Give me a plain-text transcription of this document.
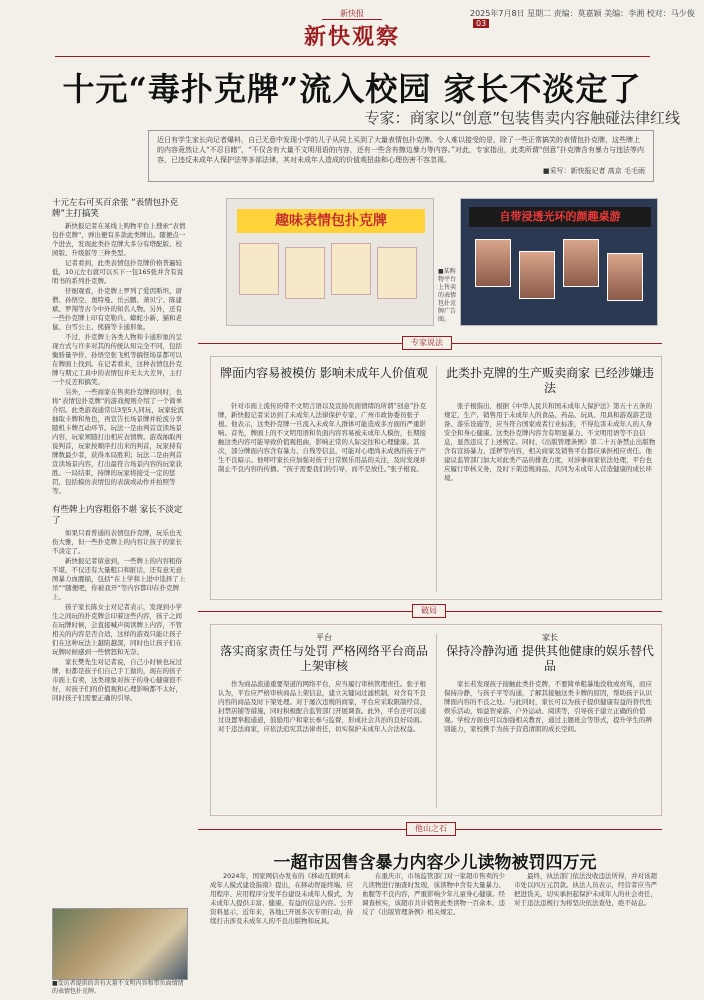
新快报
新快观察
2025年7月8日 星期二 责编：莫嘉颖 美编：李湘 校对：马少俊03
十元“毒扑克牌”流入校园 家长不淡定了
专家：商家以“创意”包装售卖内容触碰法律红线
近日有学生家长向记者爆料，自己无意中发现小学的儿子从同上买到了大量表情包扑克牌。令人难以接受的是，除了一些正常搞笑的表情包扑克牌，这些牌上的内容竟然让人“不忍目睹”，“不仅含有大量不文明用语的内容，还有一些含有擦边暴力等内容。”对此，专家指出，此类所谓“创意”扑克牌含有暴力与违法等内容，已违反未成年人保护法等多部法律，其对未成年人造成的价值观扭曲和心理伤害不容忽视。
■采写：新快报记者 高京 毛毛雨
十元左右可买百余张 “表情包扑克牌”主打搞笑

新快报记者在某线上购物平台上搜索“表情包扑克牌”，弹出便有多款此类牌出。随便点一个进去，发现此类扑克牌大多分有塔配版、校园版、升级版等三种类型。

记者看到，此类表情包扑克牌价格普遍较低，10元左右就可以买下一包165张并含有说明书的系列扑克牌。

仔细观看，扑克牌上罗列了爱因斯坦、唐僧、孙悟空、奥特曼、岳云鹏、萧贝宁、陈建斌、罗翔等古今中外的知名人物。另外，还有一些扑克牌上印有克勒兵、蟒蛇小新、猫和老鼠、白雪公主、熊猫等卡通形象。

不过，扑克牌上各类人物和卡通形象的呈现方式与许多对其的传统认知完全不同，包括衡骄量孕价、孙悟空张飞机等搞怪场景都可以在牌面上找到。在记者看来，这种表情包扑克牌与期元工具中的表情包并无太大差异，主打一个反差和搞笑。

另外，一些商家在售卖扑克牌的同时，也将“表情包扑克牌”的游戏规则介绍了一个简单介绍。此类游戏通常以3至5人同玩，玩家轮流抽取卡牌和角色，再宣告长场景牌并轮流分享随机卡牌互动环节。玩法一是由判首宣读场景内容，玩家须随打出相应表情牌。游戏抽取再说判首，玩家按顺序打出来的判首，玩家持有牌数最少者，获得本局胜利；玩法二是由判首宣读场景内容，打出最符合场景内容的玩家获胜。一局结束，持牌的玩家将接受一定的惩罚，包括模仿表情包的表演或动作并拍照等等。

有些牌上内容粗俗不堪 家长不淡定了

如果只看普通的表情包扑克牌，玩乐也无伤大雅，但一些扑克牌上的内容让孩子的家长不淡定了。

新快报记者留意到，一些牌上的内容粗俗不堪，不仅还有大量粗口和脏话，还有意无意图暴力血腥描，包括“在上学和上进中选择了上吊”“随便吧，你被我开”等内容都印在扑克牌上。

孩子家长陈女士对记者表示，发现到小学生之间玩的扑克牌会印着这些内容，孩子之间在玩牌时候，会直接喊声阅读牌上内容，不管相关的内容是否合适，这样的游戏只能让孩子们在这种玩法上越陷越深，同时也让孩子们在玩牌时候感到一些愤怒和无奈。

家长樊先生对记者说，自己小时候也玩过牌，但都是孩子们自己手工做的，现在的孩子市面上有卖，这类现象对孩子的身心健康很不好，对孩子们的价值观和心理影响都不太好，同时孩子们需要正确的引导。

■受访者提供的含有大量不文明内容和带负面情绪的表情包扑克牌。
趣味表情包扑克牌	自带浸透光环的颜趣桌游
■某购物平台上售卖的表情包扑克牌广告图。
专家说法
牌面内容易被模仿 影响未成年人价值观

针对市面上流传的带不文明言语以及宣扬负面情绪的所谓“创意”扑克牌，新快报记者采访到了未成年人法律保护专家、广州市政协委员张子根。他表示，这类扑克牌一旦流入未成年人群体可能造成多方面的严重影响。首先，牌面上的不文明用语和负面内容容易被未成年人模仿，长期接触这类内容可能导致价值观扭曲，影响正常的人际交往和心理健康。其次，部分牌面内容含有暴力、自残等信息，可能对心理尚未成熟的孩子产生不良暗示。他呼吁家长应加强对孩子日常娱乐用品的关注，及时发现并制止不良内容的传播。“孩子需要我们的引导，而不是放任。”张子根说。

此类扑克牌的生产贩卖商家 已经涉嫌违法

张子根指出，根据《中华人民共和国未成年人保护法》第五十五条的规定，生产、销售用于未成年人的食品、药品、玩具、用具和游戏游艺设备、游乐设施等，应当符合国家或者行业标准，不得危害未成年人的人身安全和身心健康。这类扑克牌内容含有明显暴力、不文明用语等不良信息，显然违反了上述规定。同时，《出版管理条例》第二十五条禁止出版物含有宣扬暴力、淫秽等内容，相关商家及销售平台都应承担相应责任。他建议监管部门加大对此类产品的排查力度，对涉事商家依法处理，平台也应履行审核义务，及时下架违规商品，共同为未成年人营造健康的成长环境。

破局
平台
落实商家责任与处罚 严格网络平台商品上架审核

作为商品流通重要渠道的网络平台，应当履行审核管理责任。张子根认为，平台应严格审核商品上架信息，建立关键词过滤机制，对含有不良内容的商品及时下架处理。对于屡次违规的商家，平台应采取限制经营、封禁店铺等措施，同时积极配合监管部门开展调查。此外，平台还可以通过设置举报通道，鼓励用户和家长参与监督，形成社会共治的良好局面。对于违法商家，应依法追究其法律责任，切实保护未成年人合法权益。

家长
保持冷静沟通 提供其他健康的娱乐替代品

家长若发现孩子接触此类扑克牌，不要简单粗暴地没收或责骂，而应保持冷静，与孩子平等沟通，了解其接触这类卡牌的原因，帮助孩子认识牌面内容的不良之处。与此同时，家长可以为孩子提供健康有益的替代性娱乐活动，如益智桌游、户外运动、阅读等，引导孩子建立正确的价值观。学校方面也可以加强相关教育，通过主题班会等形式，提升学生的辨别能力，家校携手为孩子营造清朗的成长空间。

他山之石
一超市因售含暴力内容少儿读物被罚四万元

2024年，国家网信办发布的《移动互联网未成年人模式建设指南》提出，在移动智能终端、应用程序、应用程序分发平台建设未成年人模式，为未成年人提供丰富、健康、有益的信息内容。公开资料显示，近年来，各地已开展多次专项行动，持续打击涉及未成年人的不良出版物和玩具。

在重庆市，市场监管部门对一家超市售卖的少儿读物进行抽查时发现，该读物中含有大量暴力、血腥等不良内容，严重影响少年儿童身心健康。经调查核实，该超市共计销售此类读物一百余本，违反了《出版管理条例》相关规定。

最终，执法部门依法没收违法所得，并对该超市处以四万元罚款。执法人员表示，经营者应当严把进货关，切实承担起保护未成年人的社会责任，对于违法违规行为将坚决依法查处，绝不姑息。
